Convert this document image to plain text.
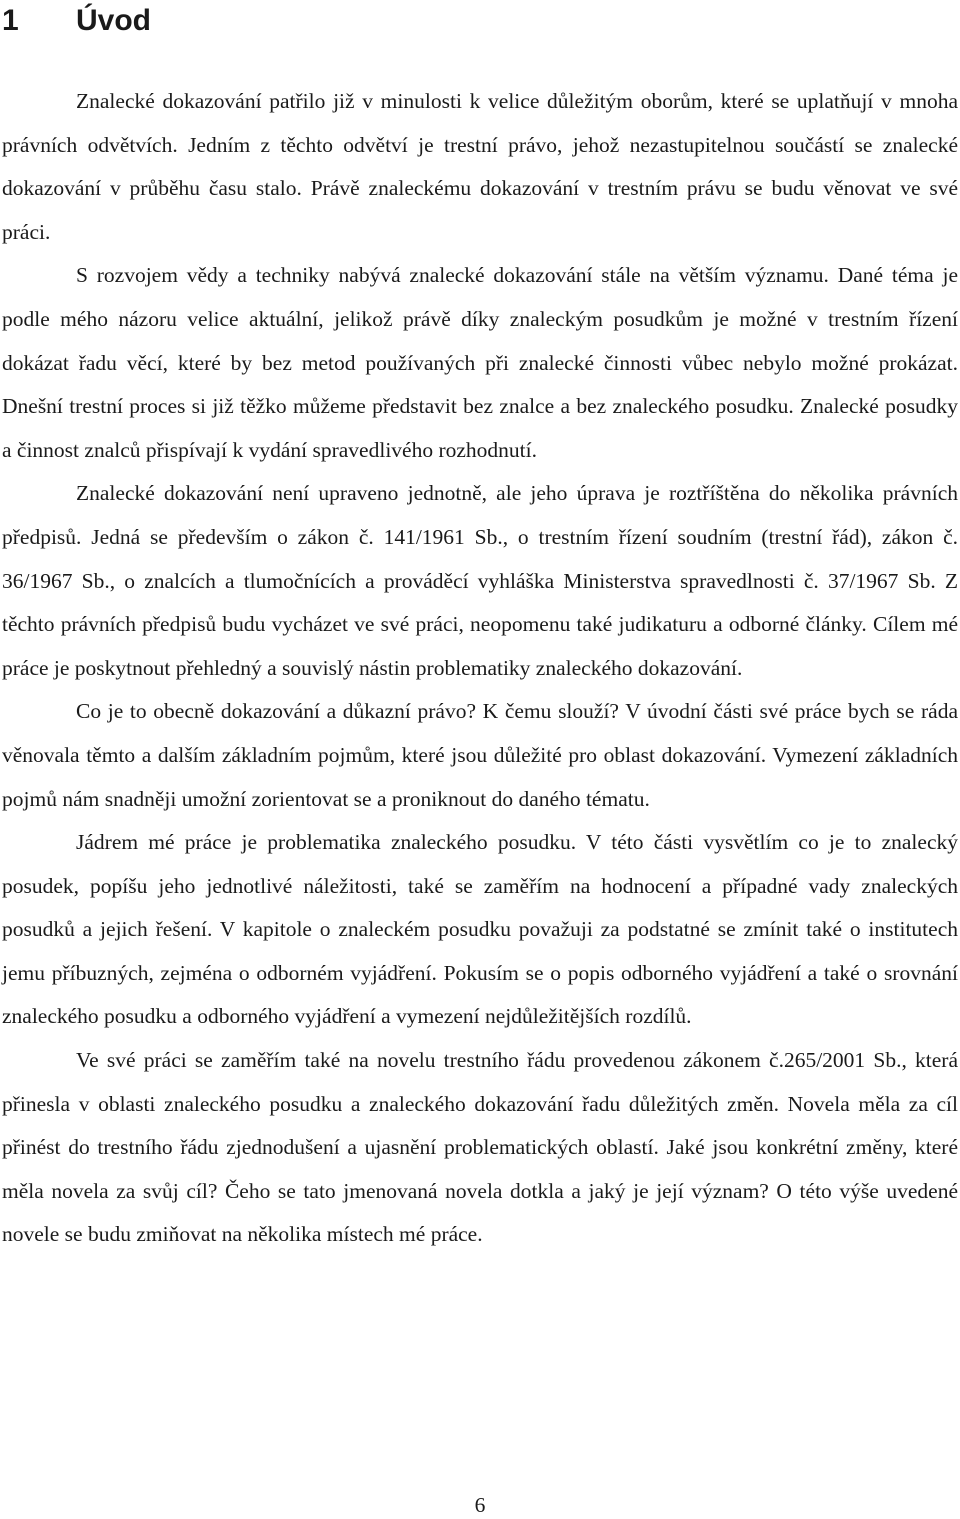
1 Úvod

Znalecké dokazování patřilo již v minulosti k velice důležitým oborům, které se uplatňují v mnoha právních odvětvích. Jedním z těchto odvětví je trestní právo, jehož nezastupitelnou součástí se znalecké dokazování v průběhu času stalo. Právě znaleckému dokazování v trestním právu se budu věnovat ve své práci.

S rozvojem vědy a techniky nabývá znalecké dokazování stále na větším významu. Dané téma je podle mého názoru velice aktuální, jelikož právě díky znaleckým posudkům je možné v trestním řízení dokázat řadu věcí, které by bez metod používaných při znalecké činnosti vůbec nebylo možné prokázat. Dnešní trestní proces si již těžko můžeme představit bez znalce a bez znaleckého posudku. Znalecké posudky a činnost znalců přispívají k vydání spravedlivého rozhodnutí.

Znalecké dokazování není upraveno jednotně, ale jeho úprava je roztříštěna do několika právních předpisů. Jedná se především o zákon č. 141/1961 Sb., o trestním řízení soudním (trestní řád), zákon č. 36/1967 Sb., o znalcích a tlumočnících a prováděcí vyhláška Ministerstva spravedlnosti č. 37/1967 Sb. Z těchto právních předpisů budu vycházet ve své práci, neopomenu také judikaturu a odborné články. Cílem mé práce je poskytnout přehledný a souvislý nástin problematiky znaleckého dokazování.

Co je to obecně dokazování a důkazní právo? K čemu slouží? V úvodní části své práce bych se ráda věnovala těmto a dalším základním pojmům, které jsou důležité pro oblast dokazování. Vymezení základních pojmů nám snadněji umožní zorientovat se a proniknout do daného tématu.

Jádrem mé práce je problematika znaleckého posudku. V této části vysvětlím co je to znalecký posudek, popíšu jeho jednotlivé náležitosti, také se zaměřím na hodnocení a případné vady znaleckých posudků a jejich řešení. V kapitole o znaleckém posudku považuji za podstatné se zmínit také o institutech jemu příbuzných, zejména o odborném vyjádření. Pokusím se o popis odborného vyjádření a také o srovnání znaleckého posudku a odborného vyjádření a vymezení nejdůležitějších rozdílů.

Ve své práci se zaměřím také na novelu trestního řádu provedenou zákonem č.265/2001 Sb., která přinesla v oblasti znaleckého posudku a znaleckého dokazování řadu důležitých změn. Novela měla za cíl přinést do trestního řádu zjednodušení a ujasnění problematických oblastí. Jaké jsou konkrétní změny, které měla novela za svůj cíl? Čeho se tato jmenovaná novela dotkla a jaký je její význam? O této výše uvedené novele se budu zmiňovat na několika místech mé práce.

6
